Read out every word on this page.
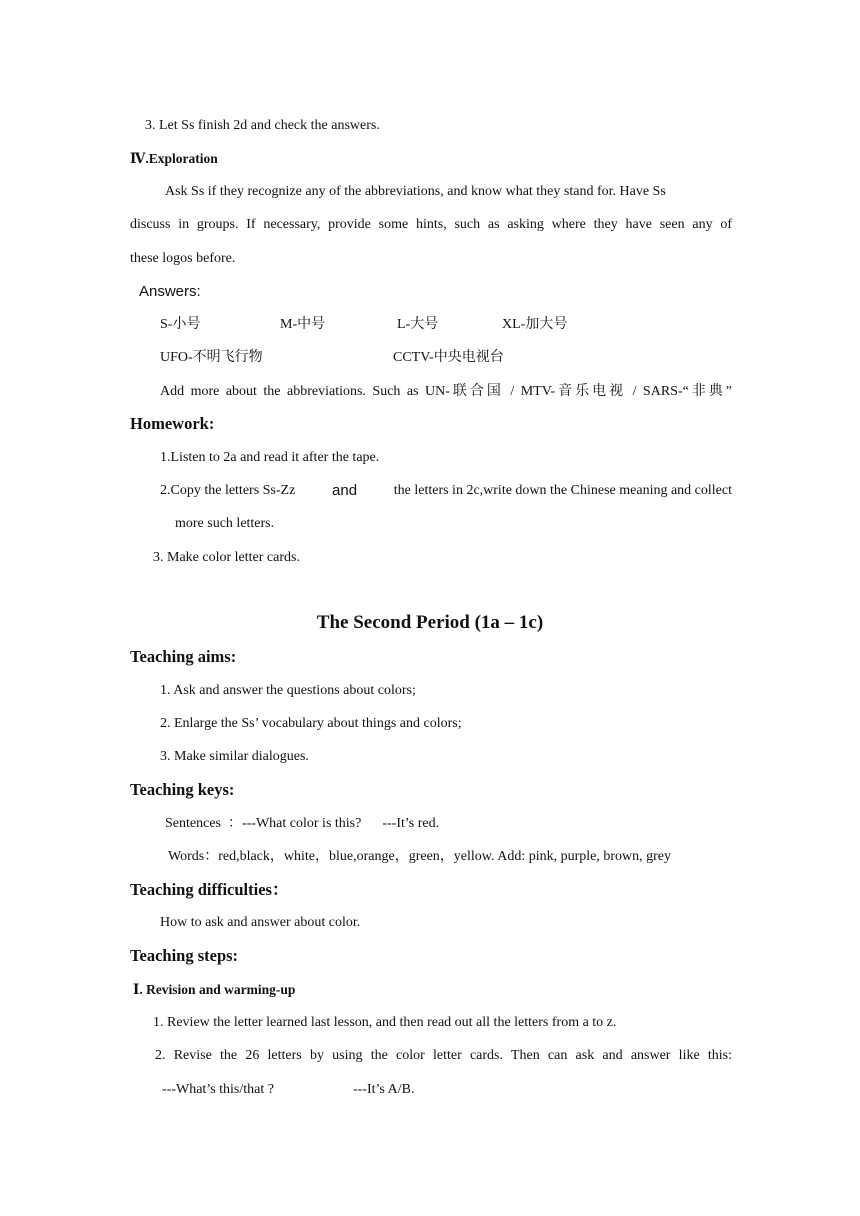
3. Let Ss finish 2d and check the answers.
Ⅳ.Exploration
Ask Ss if they recognize any of the abbreviations, and know what they stand for. Have Ss
discuss in groups. If necessary, provide some hints, such as asking where they have seen any of
these logos before.
Answers:
S-小号	M-中号	L-大号	XL-加大号
UFO-不明飞行物	CCTV-中央电视台
Add more about the abbreviations. Such as UN-联合国 / MTV-音乐电视 / SARS-“非典”
Homework:
1.Listen to 2a and read it after the tape.
2.Copy the letters Ss-Zz and	the letters in 2c,write down the Chinese meaning and collect
more such letters.
3. Make color letter cards.
The Second Period (1a – 1c)
Teaching aims:
1. Ask and answer the questions about colors;
2. Enlarge the Ss’ vocabulary about things and colors;
3. Make similar dialogues.
Teaching keys:
Sentences  ：---What color is this?      ---It’s red.
Words：red,black，white，blue,orange，green，yellow. Add: pink, purple, brown, grey
Teaching difficulties：
How to ask and answer about color.
Teaching steps:
Ⅰ. Revision and warming-up
1. Review the letter learned last lesson, and then read out all the letters from a to z.
2. Revise the 26 letters by using the color letter cards. Then can ask and answer like this:
---What’s this/that ?	---It’s A/B.
